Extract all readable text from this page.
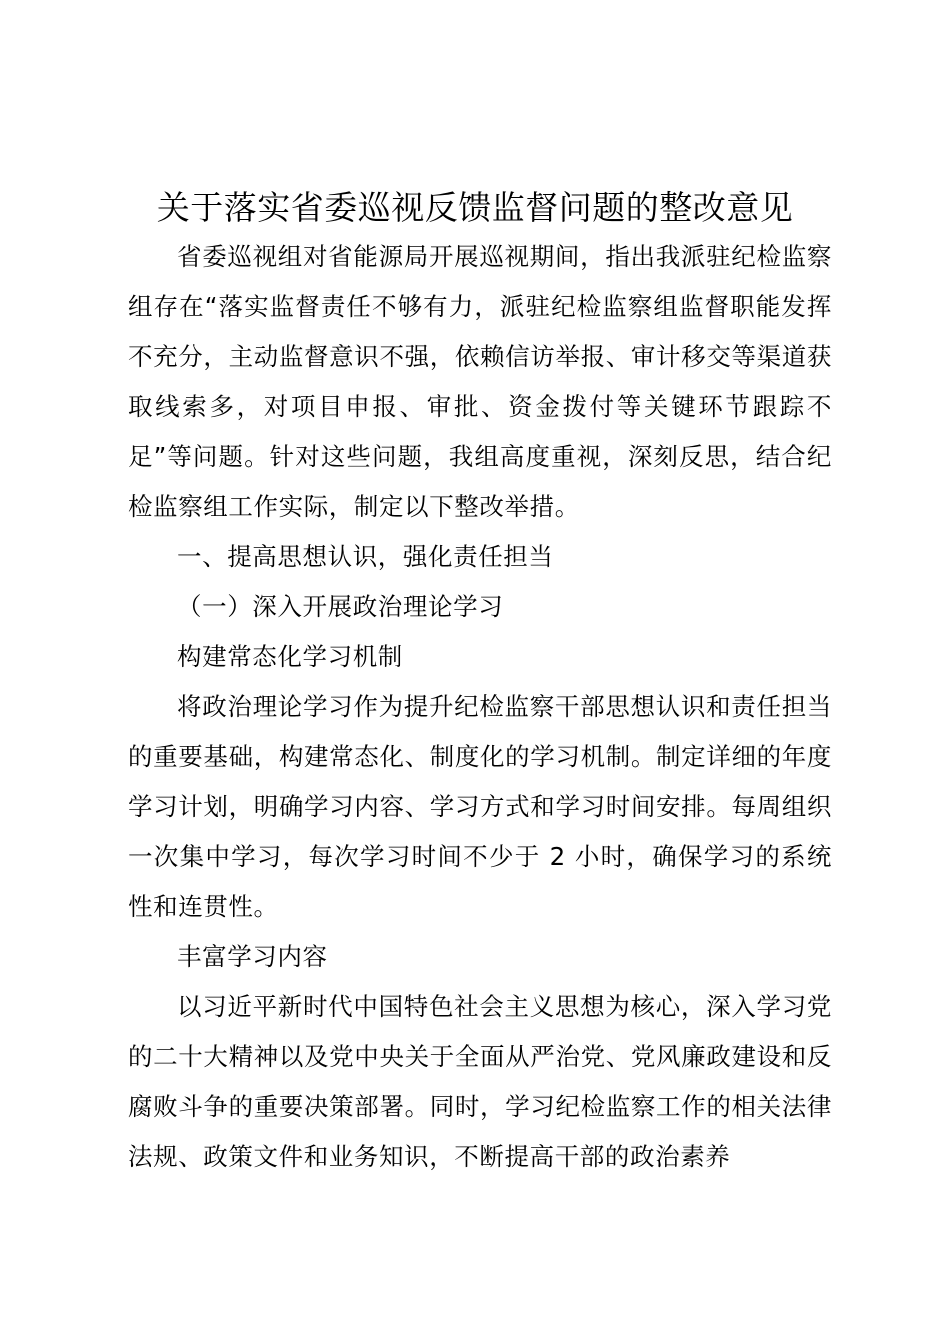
关于落实省委巡视反馈监督问题的整改意见

省委巡视组对省能源局开展巡视期间，指出我派驻纪检监察组存在“落实监督责任不够有力，派驻纪检监察组监督职能发挥不充分，主动监督意识不强，依赖信访举报、审计移交等渠道获取线索多，对项目申报、审批、资金拨付等关键环节跟踪不足”等问题。针对这些问题，我组高度重视，深刻反思，结合纪检监察组工作实际，制定以下整改举措。

一、提高思想认识，强化责任担当

（一）深入开展政治理论学习

构建常态化学习机制

将政治理论学习作为提升纪检监察干部思想认识和责任担当的重要基础，构建常态化、制度化的学习机制。制定详细的年度学习计划，明确学习内容、学习方式和学习时间安排。每周组织一次集中学习，每次学习时间不少于 2 小时，确保学习的系统性和连贯性。

丰富学习内容

以习近平新时代中国特色社会主义思想为核心，深入学习党的二十大精神以及党中央关于全面从严治党、党风廉政建设和反腐败斗争的重要决策部署。同时，学习纪检监察工作的相关法律法规、政策文件和业务知识，不断提高干部的政治素养
